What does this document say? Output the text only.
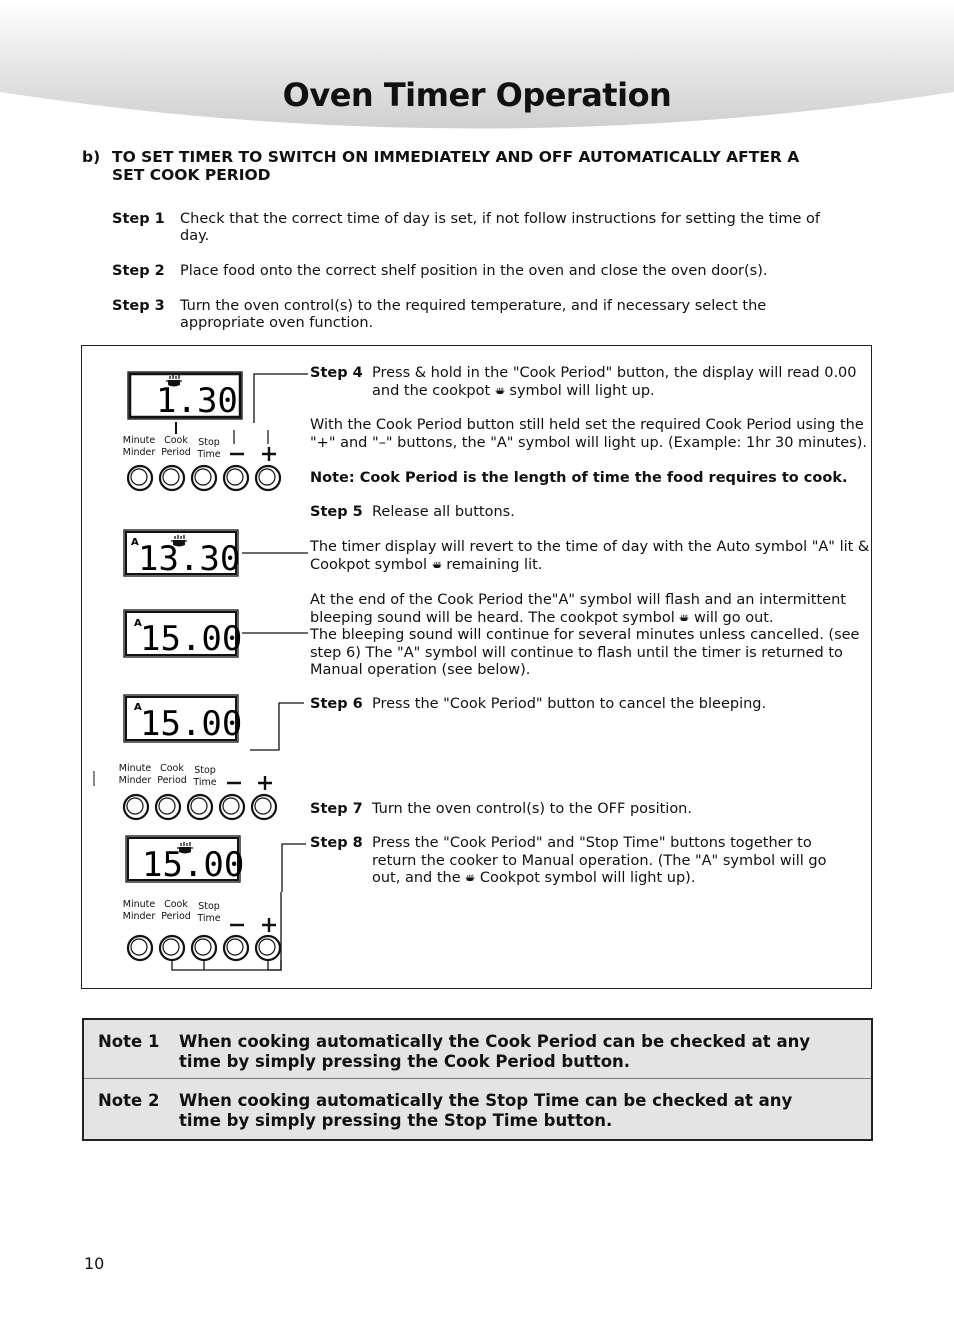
Oven Timer Operation
b) TO SET TIMER TO SWITCH ON IMMEDIATELY AND OFF AUTOMATICALLY AFTER A SET COOK PERIOD
Step 1 Check that the correct time of day is set, if not follow instructions for setting the time of day.
Step 2 Place food onto the correct shelf position in the oven and close the oven door(s).
Step 3 Turn the oven control(s) to the required temperature, and if necessary select the appropriate oven function.
1.30
A 13.30
A
15.00
A
15.00
15.00
Minute
Minder
Cook
Period
Stop
Time
Minute
Minder
Cook
Period
Stop
Time
Minute
Minder
Cook
Period
Stop
Time
Step 4 Press & hold in the "Cook Period" button, the display will read 0.00 and the cookpot symbol will light up.
With the Cook Period button still held set the required Cook Period using the "+" and "–" buttons, the "A" symbol will light up. (Example: 1hr 30 minutes).
Note: Cook Period is the length of time the food requires to cook.
Step 5 Release all buttons.
The timer display will revert to the time of day with the Auto symbol "A" lit & Cookpot symbol remaining lit.
At the end of the Cook Period the"A" symbol will flash and an intermittent bleeping sound will be heard. The cookpot symbol will go out.
The bleeping sound will continue for several minutes unless cancelled. (see step 6) The "A" symbol will continue to flash until the timer is returned to Manual operation (see below).
Step 6 Press the "Cook Period" button to cancel the bleeping.
Step 7 Turn the oven control(s) to the OFF position.
Step 8 Press the "Cook Period" and "Stop Time" buttons together to return the cooker to Manual operation. (The "A" symbol will go out, and the Cookpot symbol will light up).
Note 1 When cooking automatically the Cook Period can be checked at any time by simply pressing the Cook Period button.
Note 2 When cooking automatically the Stop Time can be checked at any time by simply pressing the Stop Time button.
10
